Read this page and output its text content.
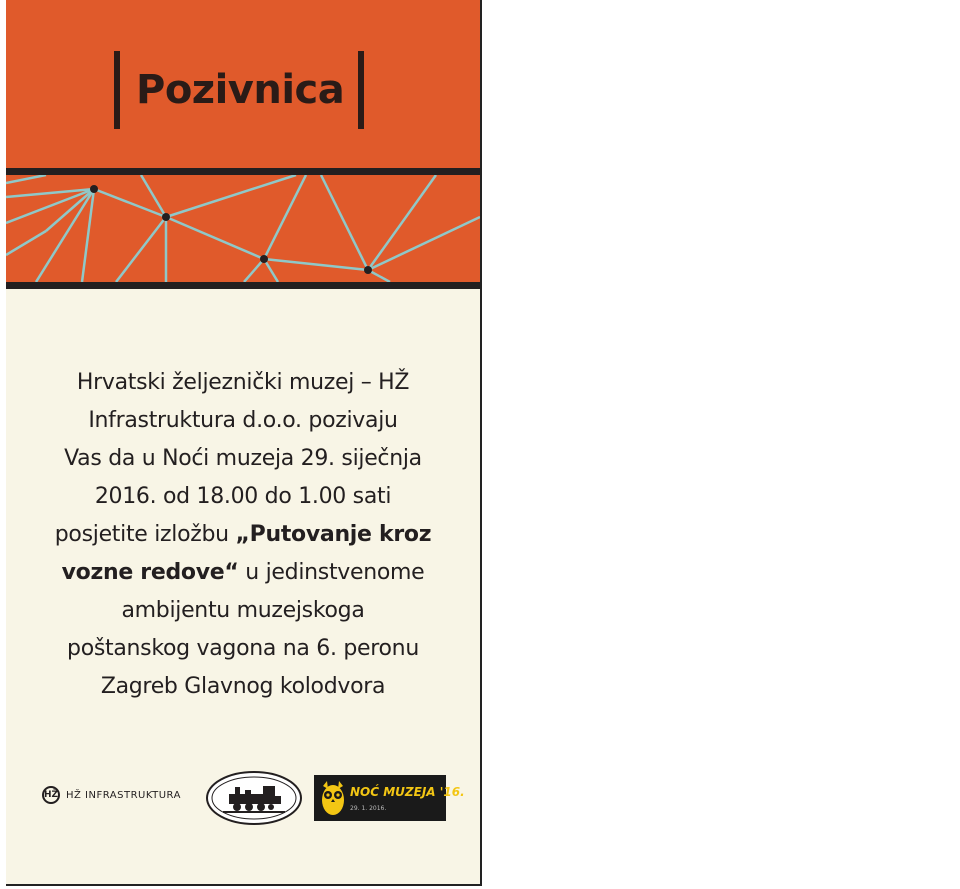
Pozivnica
Hrvatski željeznički muzej – HŽ
Infrastruktura d.o.o. pozivaju
Vas da u Noći muzeja 29. siječnja
2016. od 18.00 do 1.00 sati
posjetite izložbu „Putovanje kroz
vozne redove“ u jedinstvenome
ambijentu muzejskoga
poštanskog vagona na 6. peronu
Zagreb Glavnog kolodvora
HŽ HŽ INFRASTRUKTURA	NOĆ MUZEJA '16.
29. 1. 2016.
